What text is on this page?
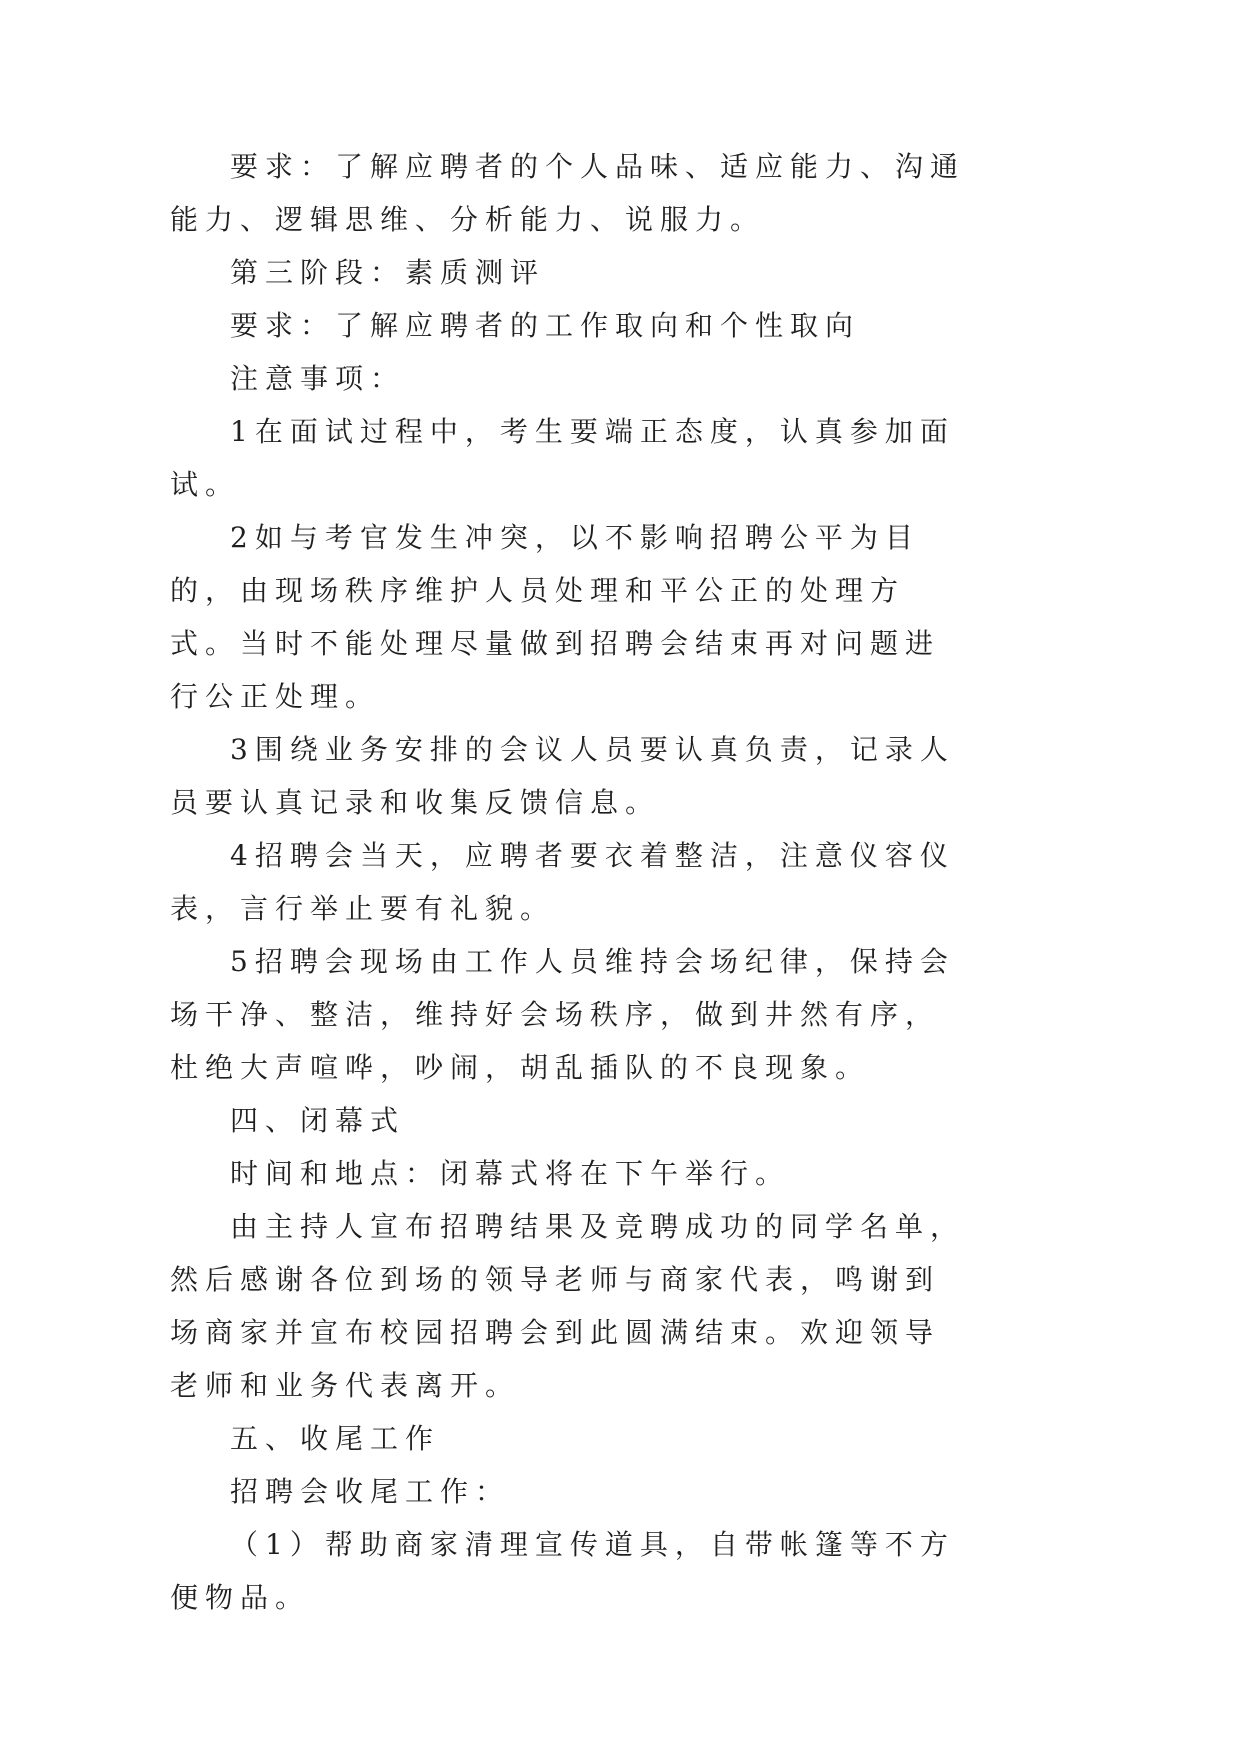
要求：了解应聘者的个人品味、适应能力、沟通能力、逻辑思维、分析能力、说服力。

第三阶段：素质测评

要求：了解应聘者的工作取向和个性取向

注意事项：

1在面试过程中，考生要端正态度，认真参加面试。

2如与考官发生冲突，以不影响招聘公平为目的，由现场秩序维护人员处理和平公正的处理方式。当时不能处理尽量做到招聘会结束再对问题进行公正处理。

3围绕业务安排的会议人员要认真负责，记录人员要认真记录和收集反馈信息。

4招聘会当天，应聘者要衣着整洁，注意仪容仪表，言行举止要有礼貌。

5招聘会现场由工作人员维持会场纪律，保持会场干净、整洁，维持好会场秩序，做到井然有序，杜绝大声喧哗，吵闹，胡乱插队的不良现象。

四、闭幕式

时间和地点：闭幕式将在下午举行。

由主持人宣布招聘结果及竞聘成功的同学名单，然后感谢各位到场的领导老师与商家代表，鸣谢到场商家并宣布校园招聘会到此圆满结束。欢迎领导老师和业务代表离开。

五、收尾工作

招聘会收尾工作：

（1）帮助商家清理宣传道具，自带帐篷等不方便物品。
